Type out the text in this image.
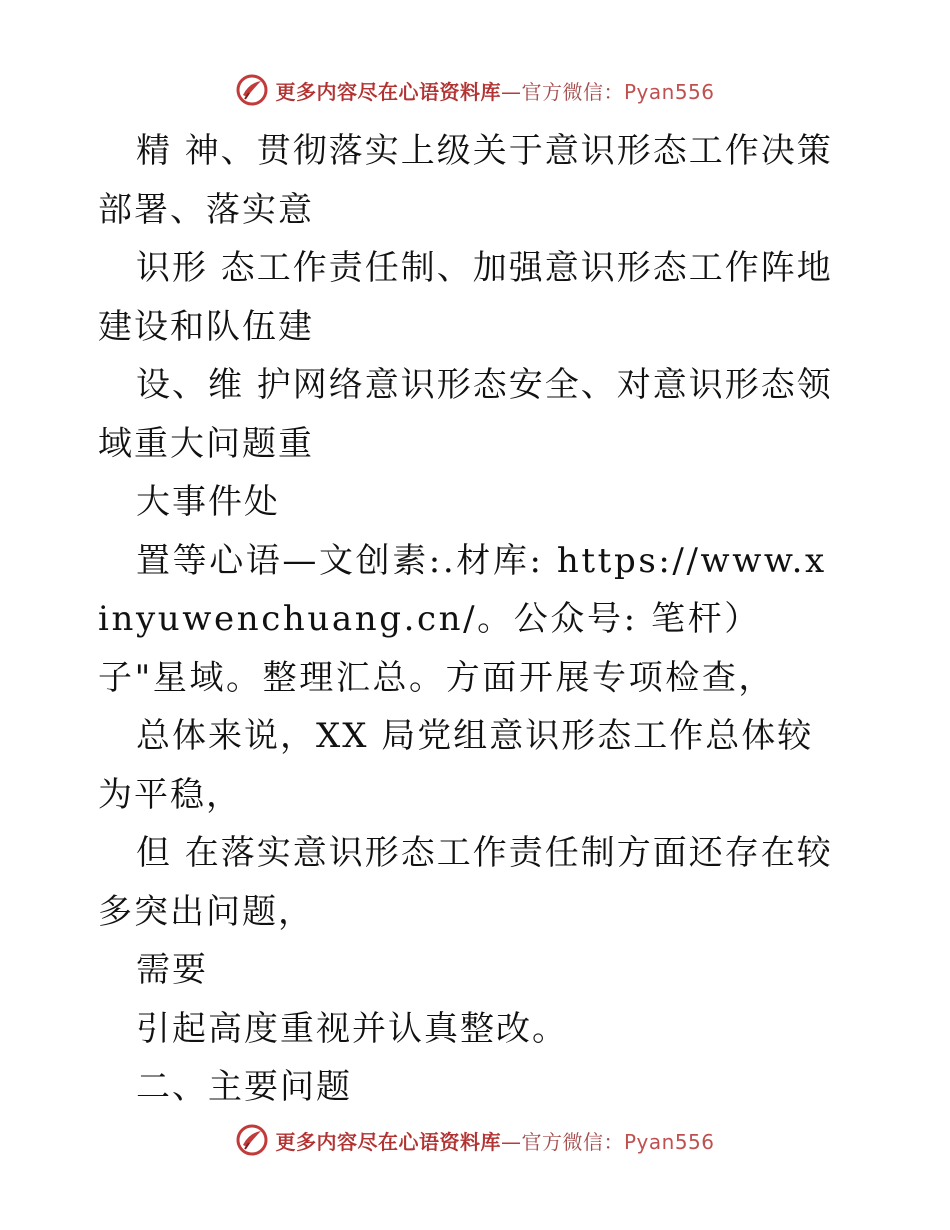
更多内容尽在心语资料库—官方微信：Pyan556

精 神、贯彻落实上级关于意识形态工作决策部署、落实意

识形 态工作责任制、加强意识形态工作阵地建设和队伍建

设、维 护网络意识形态安全、对意识形态领域重大问题重

大事件处

置等心语—文创素:.材库: https://www.xinyuwenchuang.cn/。公众号: 笔杆）子"星域。整理汇总。方面开展专项检查，

总体来说，XX 局党组意识形态工作总体较为平稳，

但 在落实意识形态工作责任制方面还存在较多突出问题，

需要

引起高度重视并认真整改。

二、主要问题

更多内容尽在心语资料库—官方微信：Pyan556
